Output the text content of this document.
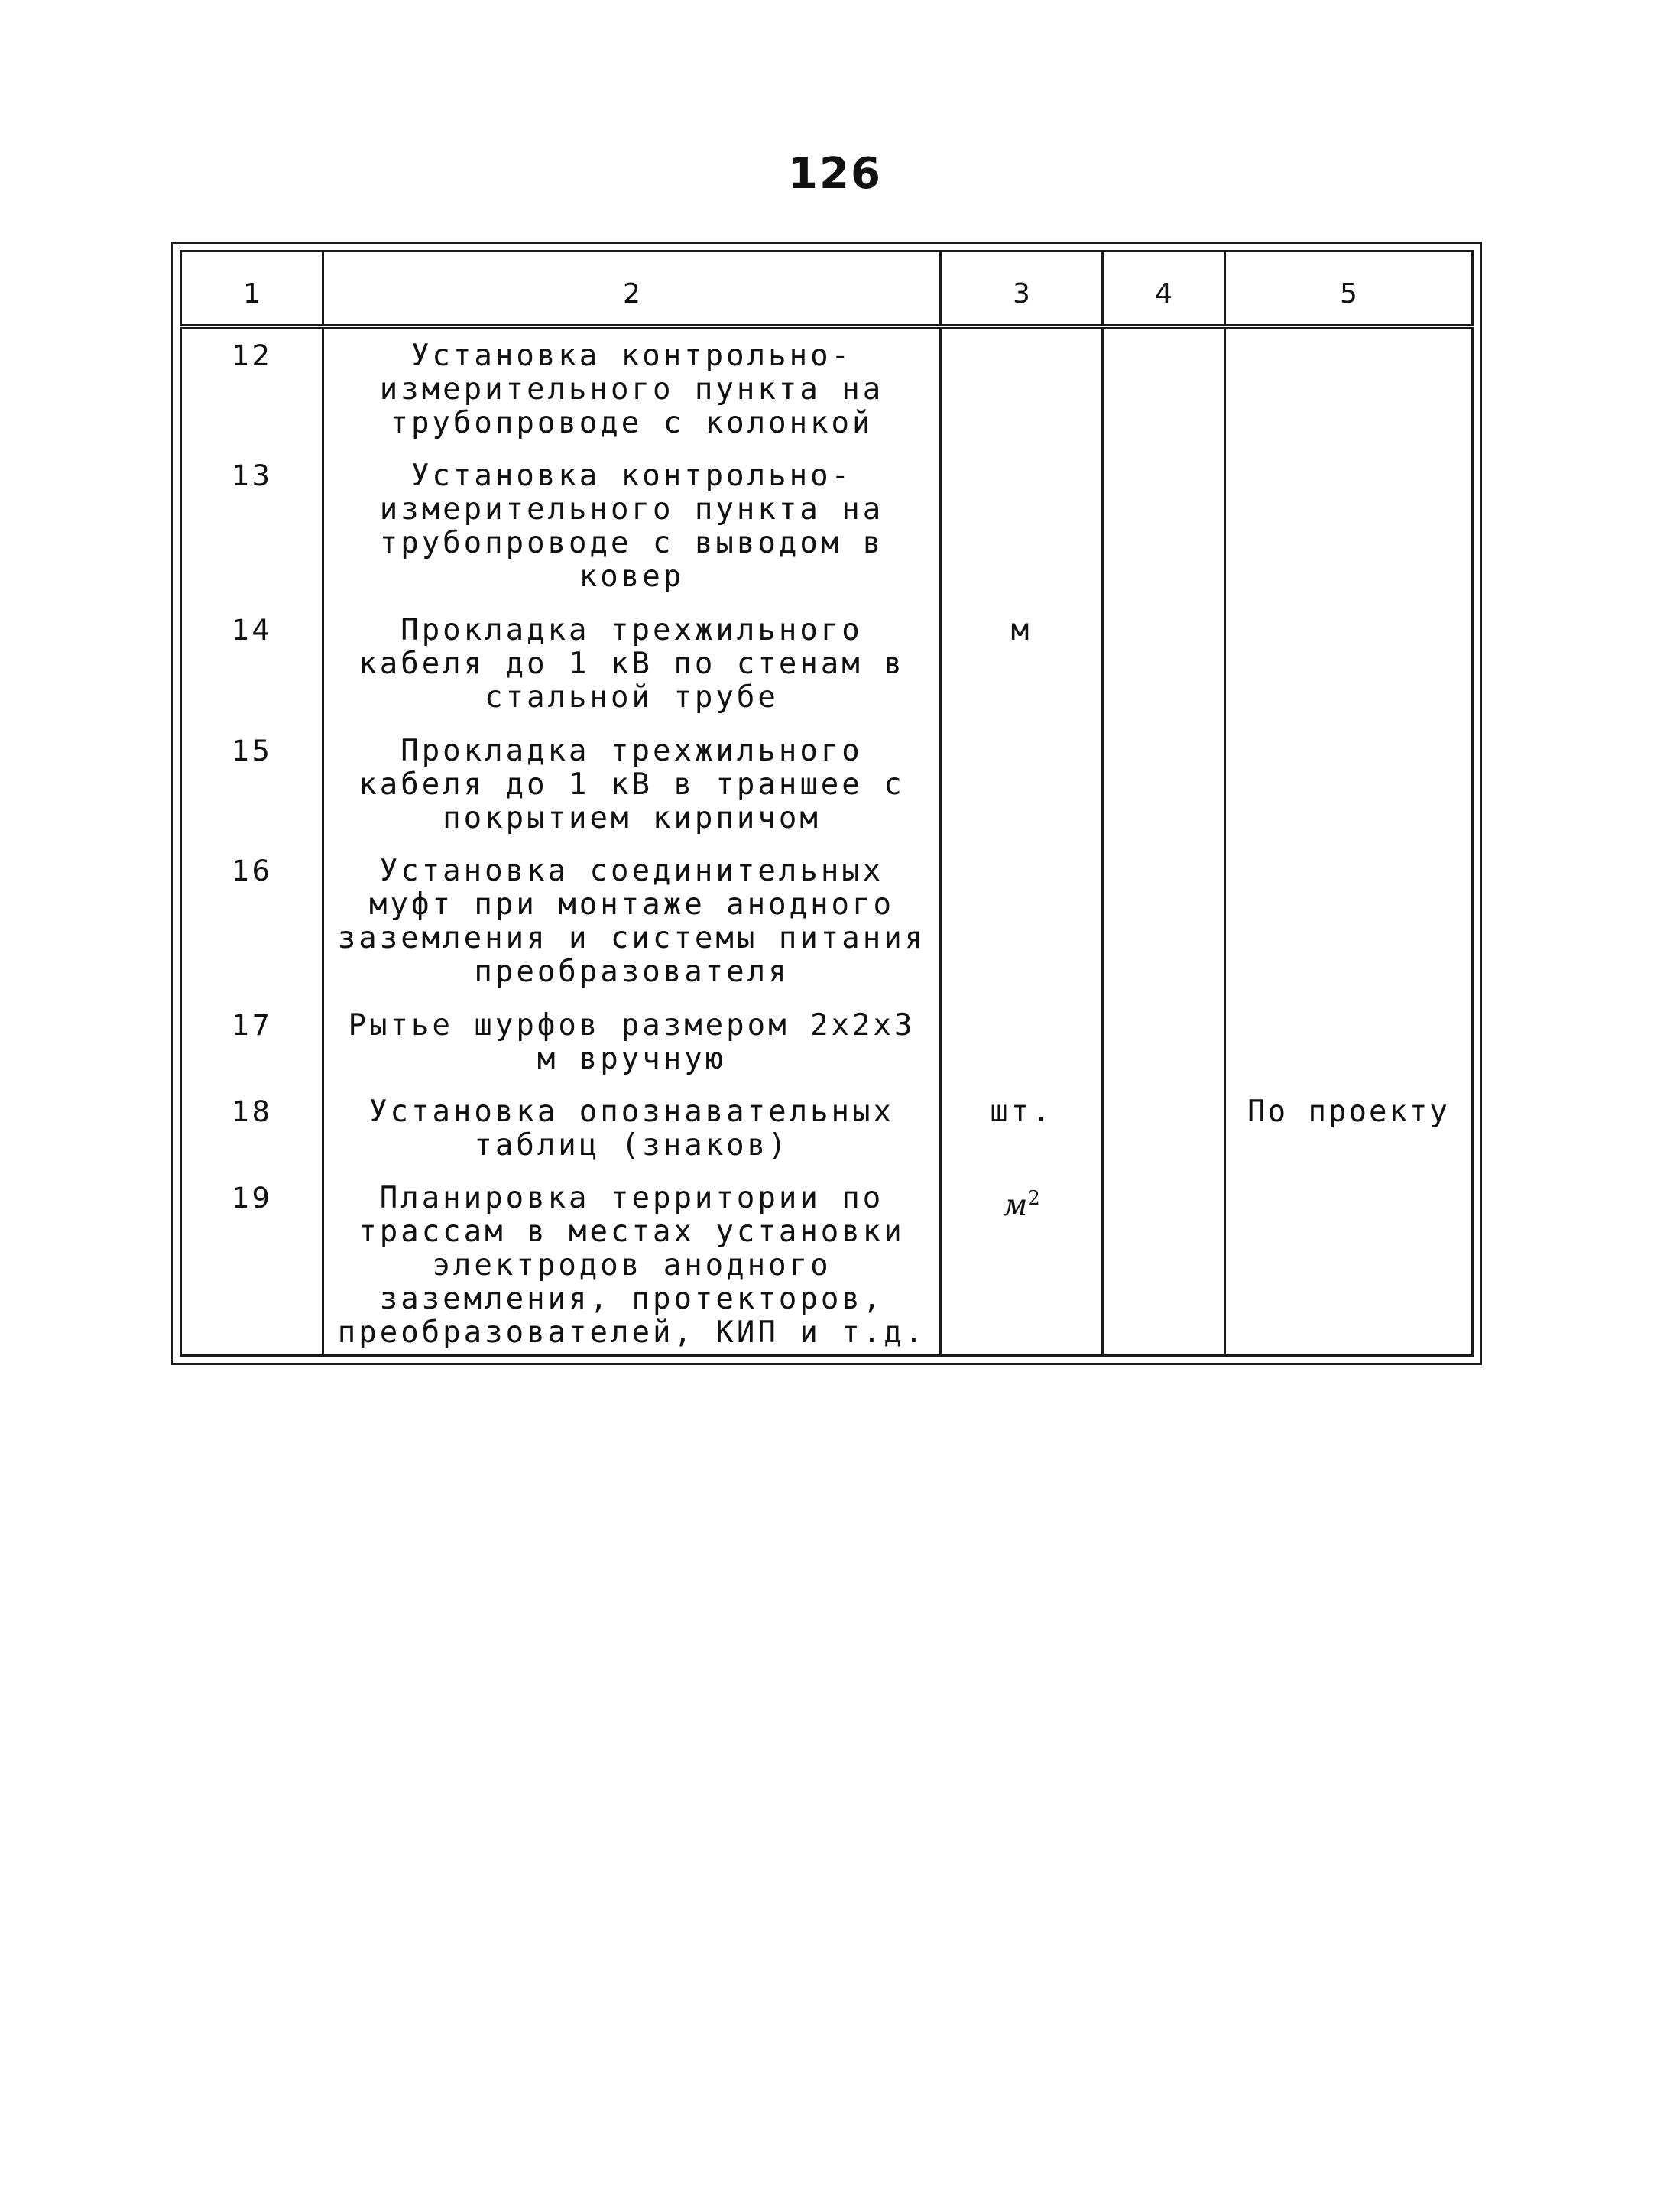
126
1	2	3	4	5
12	Установка контрольно-измерительного пункта на трубопроводе с колонкой			
13	Установка контрольно-измерительного пункта на трубопроводе с выводом в ковер			
14	Прокладка трехжильного кабеля до 1 кВ по стенам в стальной трубе	м		
15	Прокладка трехжильного кабеля до 1 кВ в траншее с покрытием кирпичом			
16	Установка соединительных муфт при монтаже анодного заземления и системы питания преобразователя			
17	Рытье шурфов размером 2x2x3 м вручную			
18	Установка опознавательных таблиц (знаков)	шт.		По проекту
19	Планировка территории по трассам в местах установки электродов анодного заземления, протекторов, преобразователей, КИП и т.д.	$м^2$		
